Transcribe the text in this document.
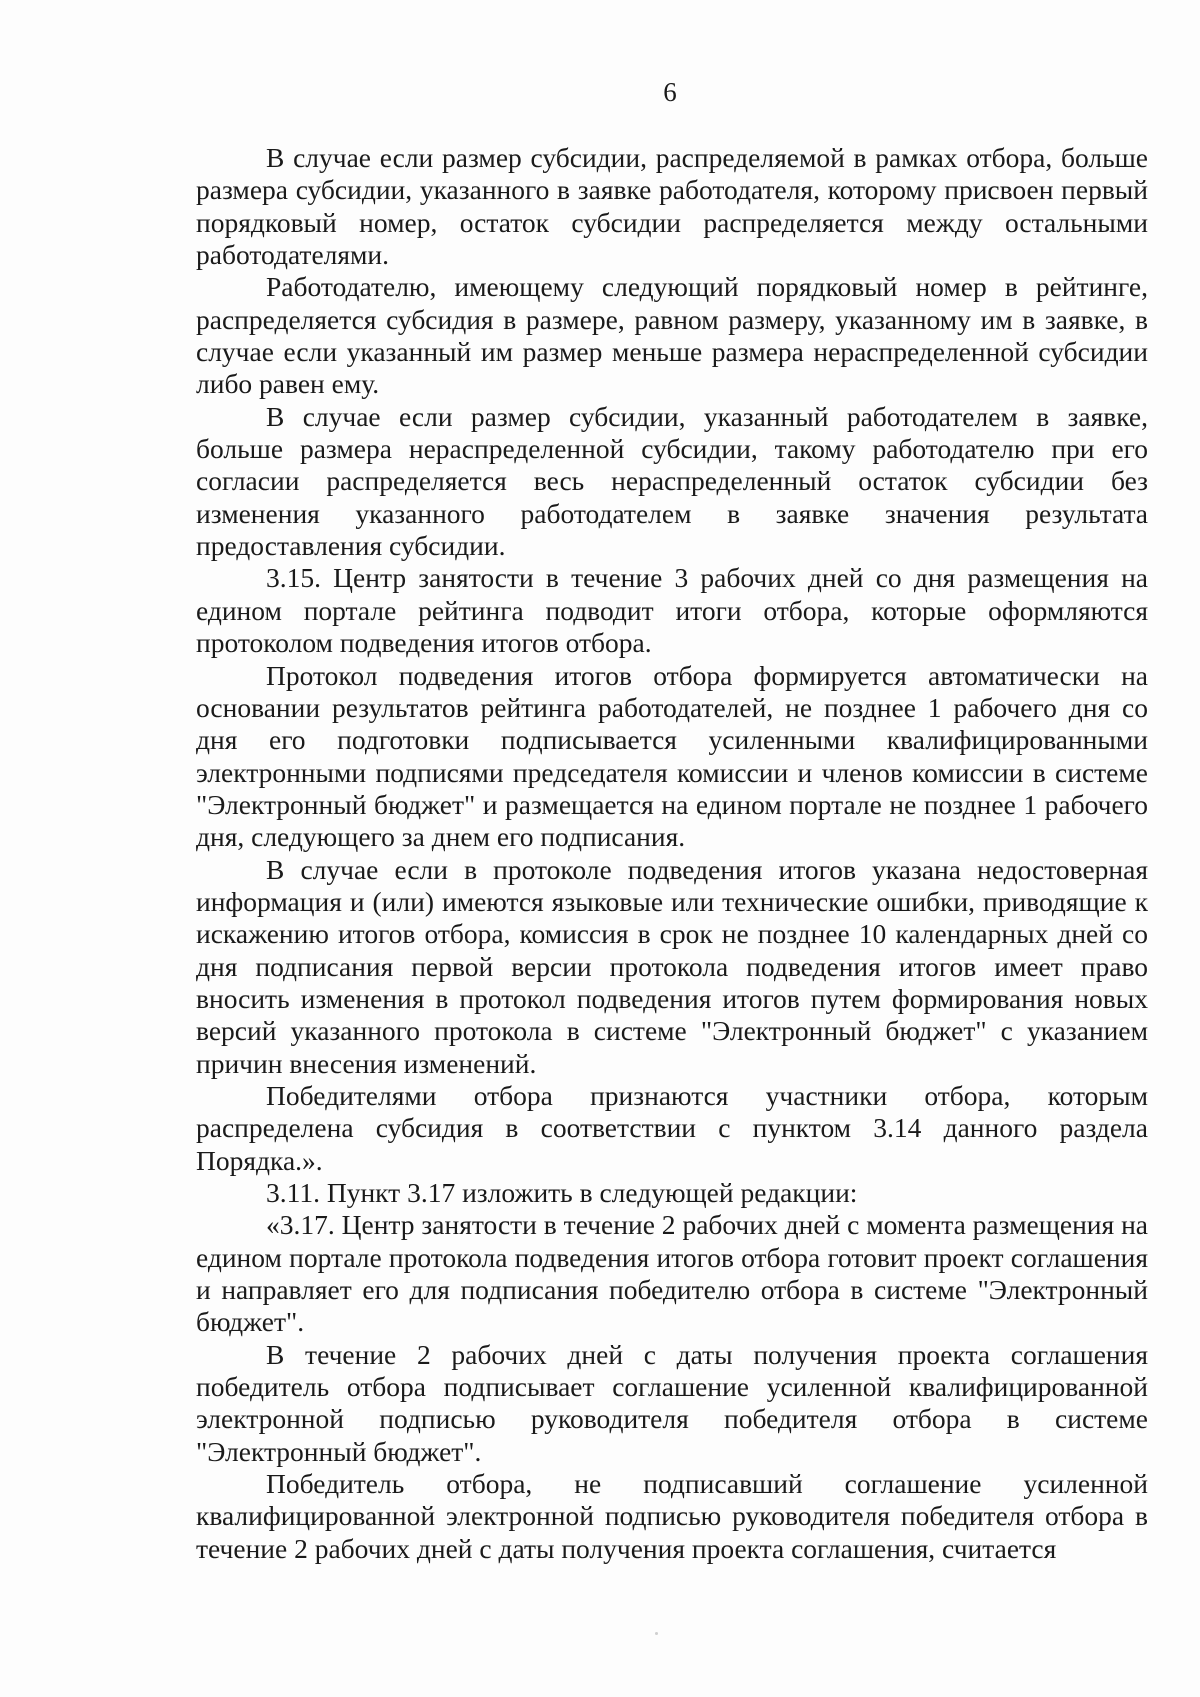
6

В случае если размер субсидии, распределяемой в рамках отбора, больше размера субсидии, указанного в заявке работодателя, которому присвоен первый порядковый номер, остаток субсидии распределяется между остальными работодателями.

Работодателю, имеющему следующий порядковый номер в рейтинге, распределяется субсидия в размере, равном размеру, указанному им в заявке, в случае если указанный им размер меньше размера нераспределенной субсидии либо равен ему.

В случае если размер субсидии, указанный работодателем в заявке, больше размера нераспределенной субсидии, такому работодателю при его согласии распределяется весь нераспределенный остаток субсидии без изменения указанного работодателем в заявке значения результата предоставления субсидии.

3.15. Центр занятости в течение 3 рабочих дней со дня размещения на едином портале рейтинга подводит итоги отбора, которые оформляются протоколом подведения итогов отбора.

Протокол подведения итогов отбора формируется автоматически на основании результатов рейтинга работодателей, не позднее 1 рабочего дня со дня его подготовки подписывается усиленными квалифицированными электронными подписями председателя комиссии и членов комиссии в системе "Электронный бюджет" и размещается на едином портале не позднее 1 рабочего дня, следующего за днем его подписания.

В случае если в протоколе подведения итогов указана недостоверная информация и (или) имеются языковые или технические ошибки, приводящие к искажению итогов отбора, комиссия в срок не позднее 10 календарных дней со дня подписания первой версии протокола подведения итогов имеет право вносить изменения в протокол подведения итогов путем формирования новых версий указанного протокола в системе "Электронный бюджет" с указанием причин внесения изменений.

Победителями отбора признаются участники отбора, которым распределена субсидия в соответствии с пунктом 3.14 данного раздела Порядка.».

3.11. Пункт 3.17 изложить в следующей редакции:

«3.17. Центр занятости в течение 2 рабочих дней с момента размещения на едином портале протокола подведения итогов отбора готовит проект соглашения и направляет его для подписания победителю отбора в системе "Электронный бюджет".

В течение 2 рабочих дней с даты получения проекта соглашения победитель отбора подписывает соглашение усиленной квалифицированной электронной подписью руководителя победителя отбора в системе "Электронный бюджет".

Победитель отбора, не подписавший соглашение усиленной квалифицированной электронной подписью руководителя победителя отбора в течение 2 рабочих дней с даты получения проекта соглашения, считается
